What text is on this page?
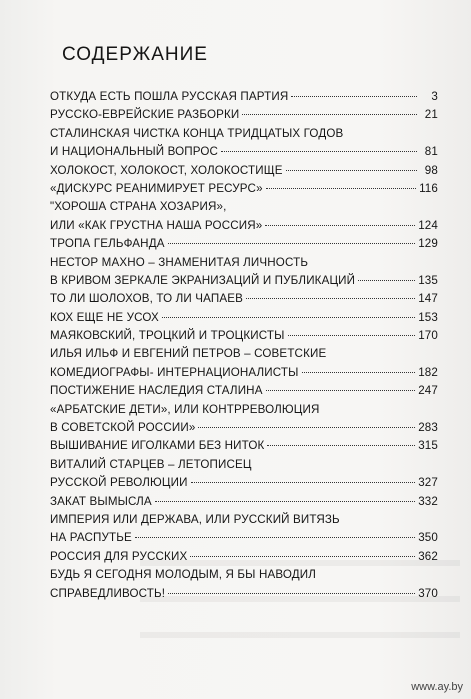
СОДЕРЖАНИЕ
ОТКУДА ЕСТЬ ПОШЛА РУССКАЯ ПАРТИЯ	3
РУССКО-ЕВРЕЙСКИЕ РАЗБОРКИ	21
СТАЛИНСКАЯ ЧИСТКА КОНЦА ТРИДЦАТЫХ ГОДОВ
И НАЦИОНАЛЬНЫЙ ВОПРОС	81
ХОЛОКОСТ, ХОЛОКОСТ, ХОЛОКОСТИЩЕ	98
«ДИСКУРС РЕАНИМИРУЕТ РЕСУРС»	116
"ХОРОША СТРАНА ХОЗАРИЯ»,
ИЛИ «КАК ГРУСТНА НАША РОССИЯ»	124
ТРОПА ГЕЛЬФАНДА	129
НЕСТОР МАХНО – ЗНАМЕНИТАЯ ЛИЧНОСТЬ
В КРИВОМ ЗЕРКАЛЕ ЭКРАНИЗАЦИЙ И ПУБЛИКАЦИЙ	135
ТО ЛИ ШОЛОХОВ, ТО ЛИ ЧАПАЕВ	147
КОХ ЕЩЕ НЕ УСОХ	153
МАЯКОВСКИЙ, ТРОЦКИЙ И ТРОЦКИСТЫ	170
ИЛЬЯ ИЛЬФ И ЕВГЕНИЙ ПЕТРОВ – СОВЕТСКИЕ
КОМЕДИОГРАФЫ- ИНТЕРНАЦИОНАЛИСТЫ	182
ПОСТИЖЕНИЕ НАСЛЕДИЯ СТАЛИНА	247
«АРБАТСКИЕ ДЕТИ», ИЛИ КОНТРРЕВОЛЮЦИЯ
В СОВЕТСКОЙ РОССИИ»	283
ВЫШИВАНИЕ ИГОЛКАМИ БЕЗ НИТОК	315
ВИТАЛИЙ СТАРЦЕВ – ЛЕТОПИСЕЦ
РУССКОЙ РЕВОЛЮЦИИ	327
ЗАКАТ ВЫМЫСЛА	332
ИМПЕРИЯ ИЛИ ДЕРЖАВА, ИЛИ РУССКИЙ ВИТЯЗЬ
НА РАСПУТЬЕ	350
РОССИЯ ДЛЯ РУССКИХ	362
БУДЬ Я СЕГОДНЯ МОЛОДЫМ, Я БЫ НАВОДИЛ
СПРАВЕДЛИВОСТЬ!	370
www.ay.by
